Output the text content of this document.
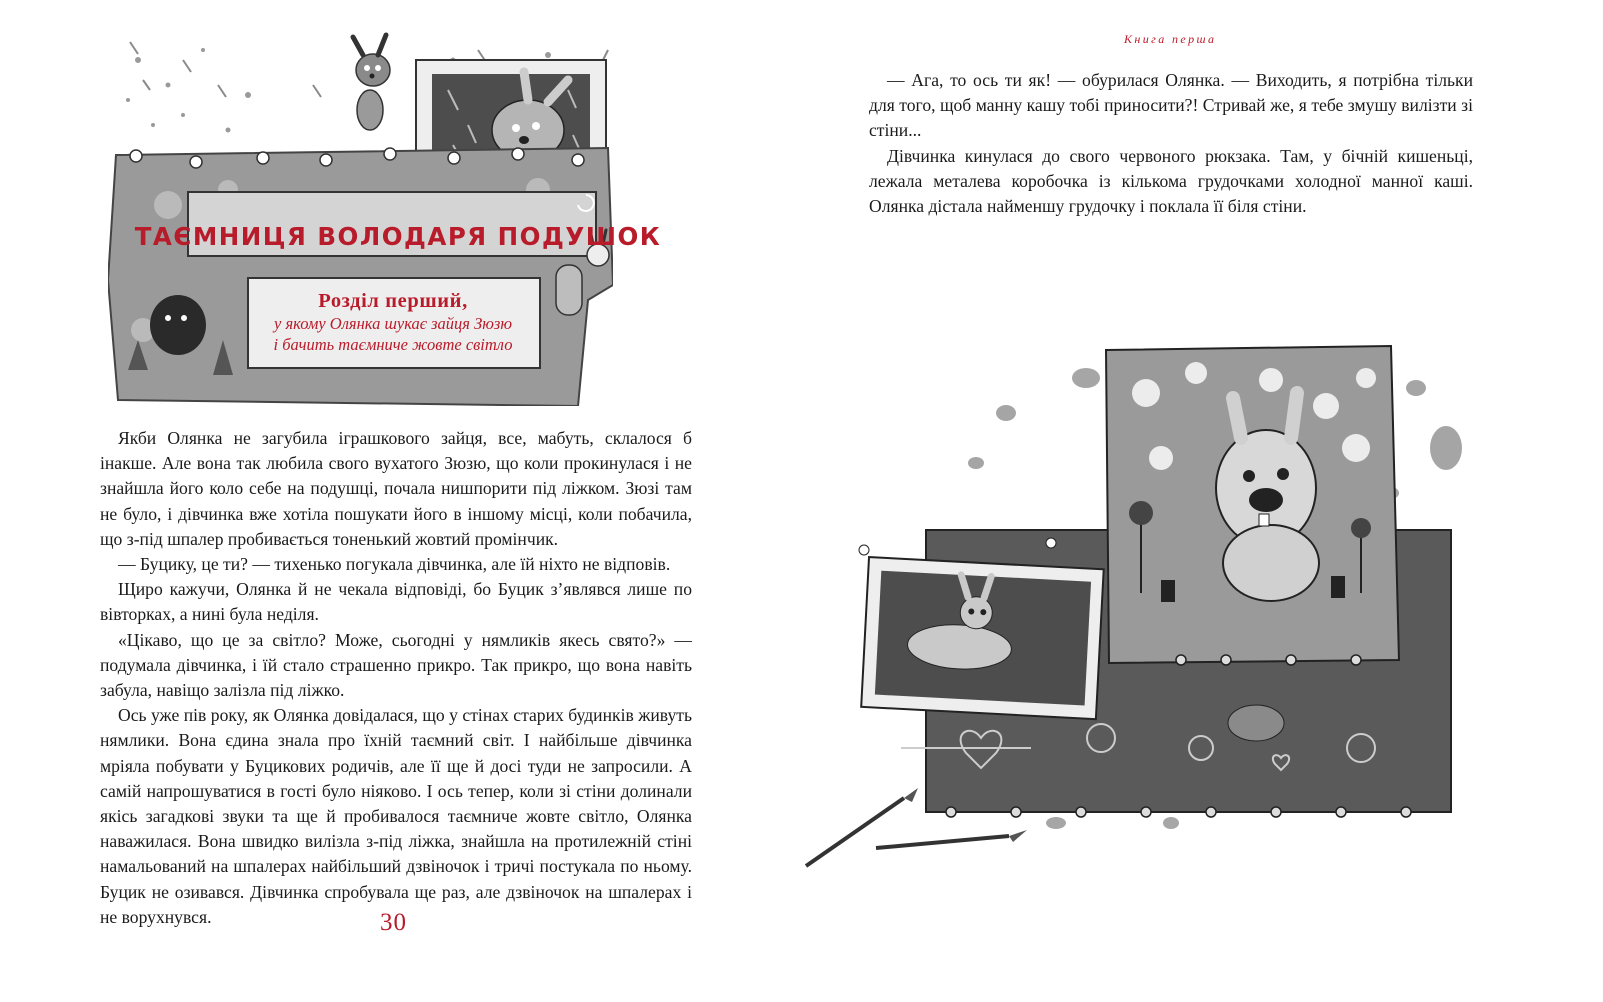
ТАЄМНИЦЯ ВОЛОДАРЯ ПОДУШОК
Розділ перший,
у якому Олянка шукає зайця Зюзю
і бачить таємниче жовте світло

Якби Олянка не загубила іграшкового зайця, все, мабуть, склалося б інакше. Але вона так любила свого вухатого Зюзю, що коли прокинулася і не знайшла його коло себе на подушці, почала нишпорити під ліжком. Зюзі там не було, і дівчинка вже хотіла пошукати його в іншому місці, коли побачила, що з-під шпалер пробивається тоненький жовтий промінчик.

— Буцику, це ти? — тихенько погукала дівчинка, але їй ніхто не відповів.

Щиро кажучи, Олянка й не чекала відповіді, бо Буцик з’являвся лише по вівторках, а нині була неділя.

«Цікаво, що це за світло? Може, сьогодні у нямликів якесь свято?» — подумала дівчинка, і їй стало страшенно прикро. Так прикро, що вона навіть забула, навіщо залізла під ліжко.

Ось уже пів року, як Олянка довідалася, що у стінах старих будинків живуть нямлики. Вона єдина знала про їхній таємний світ. І найбільше дівчинка мріяла побувати у Буцикових родичів, але її ще й досі туди не запросили. А самій напрошуватися в гості було ніяково. І ось тепер, коли зі стіни долинали якісь загадкові звуки та ще й пробивалося таємниче жовте світло, Олянка наважилася. Вона швидко вилізла з-під ліжка, знайшла на протилежній стіні намальований на шпалерах найбільший дзвіночок і тричі постукала по ньому. Буцик не озивався. Дівчинка спробувала ще раз, але дзвіночок на шпалерах і не ворухнувся.	30
Книга перша

— Ага, то ось ти як! — обурилася Олянка. — Виходить, я потрібна тільки для того, щоб манну кашу тобі приносити?! Стривай же, я тебе змушу вилізти зі стіни...

Дівчинка кинулася до свого червоного рюкзака. Там, у бічній кишеньці, лежала металева коробочка із кількома грудочками холодної манної каші. Олянка дістала найменшу грудочку і поклала її біля стіни.
